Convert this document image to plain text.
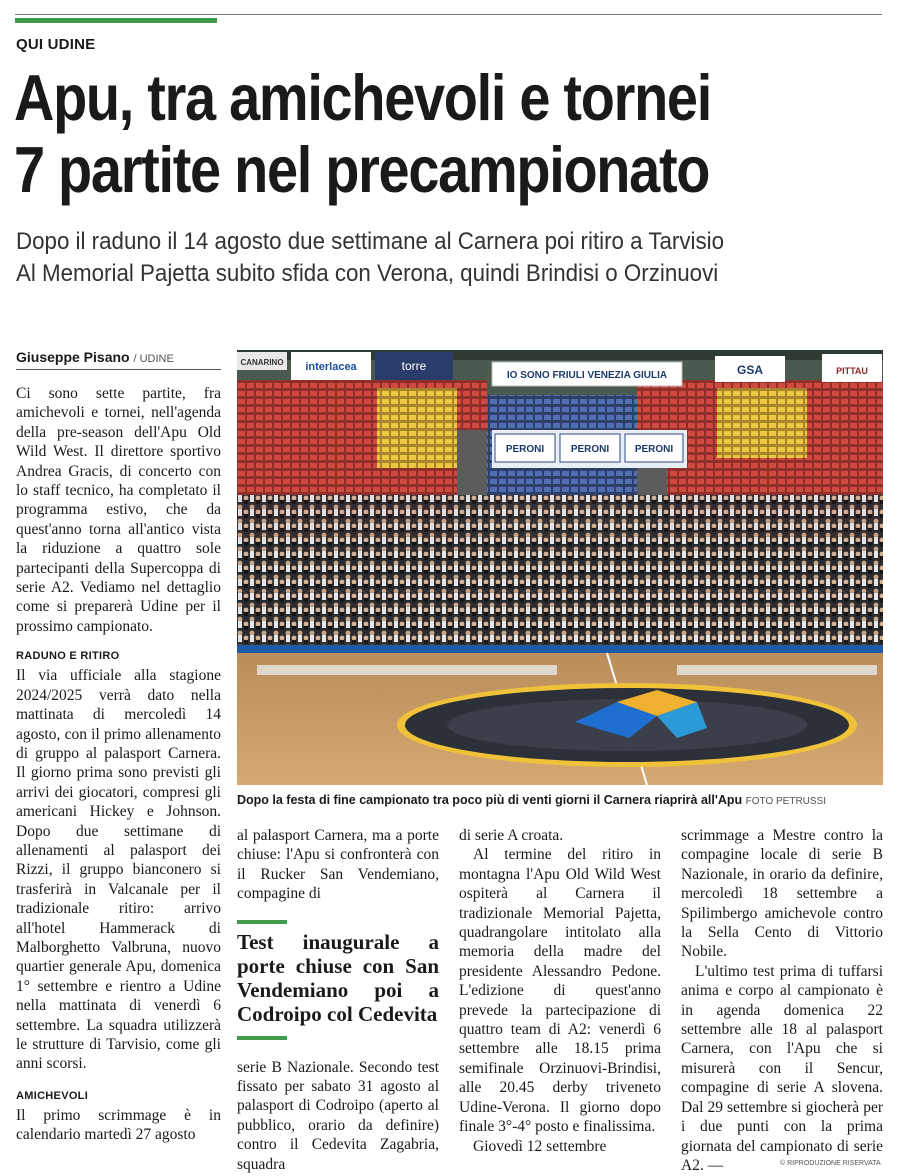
QUI UDINE
Apu, tra amichevoli e tornei
7 partite nel precampionato
Dopo il raduno il 14 agosto due settimane al Carnera poi ritiro a Tarvisio
Al Memorial Pajetta subito sfida con Verona, quindi Brindisi o Orzinuovi
Giuseppe Pisano / UDINE

Ci sono sette partite, fra amichevoli e tornei, nell'agenda della pre-season dell'Apu Old Wild West. Il direttore sportivo Andrea Gracis, di concerto con lo staff tecnico, ha completato il programma estivo, che da quest'anno torna all'antico vista la riduzione a quattro sole partecipanti della Supercoppa di serie A2. Vediamo nel dettaglio come si preparerà Udine per il prossimo campionato.

RADUNO E RITIRO

Il via ufficiale alla stagione 2024/2025 verrà dato nella mattinata di mercoledì 14 agosto, con il primo allenamento di gruppo al palasport Carnera. Il giorno prima sono previsti gli arrivi dei giocatori, compresi gli americani Hickey e Johnson. Dopo due settimane di allenamenti al palasport dei Rizzi, il gruppo bianconero si trasferirà in Valcanale per il tradizionale ritiro: arrivo all'hotel Hammerack di Malborghetto Valbruna, nuovo quartier generale Apu, domenica 1° settembre e rientro a Udine nella mattinata di venerdì 6 settembre. La squadra utilizzerà le strutture di Tarvisio, come gli anni scorsi.

AMICHEVOLI

Il primo scrimmage è in calendario martedì 27 agosto

CANARINO interlacea	torre
IO SONO FRIULI VENEZIA GIULIA	GSA	PITTAU
PERONI	PERONI	PERONI
Dopo la festa di fine campionato tra poco più di venti giorni il Carnera riaprirà all'Apu FOTO PETRUSSI

al palasport Carnera, ma a porte chiuse: l'Apu si confronterà con il Rucker San Vendemiano, compagine di

Test inaugurale a porte chiuse con San Vendemiano poi a Codroipo col Cedevita

serie B Nazionale. Secondo test fissato per sabato 31 agosto al palasport di Codroipo (aperto al pubblico, orario da definire) contro il Cedevita Zagabria, squadra

di serie A croata.

Al termine del ritiro in montagna l'Apu Old Wild West ospiterà al Carnera il tradizionale Memorial Pajetta, quadrangolare intitolato alla memoria della madre del presidente Alessandro Pedone. L'edizione di quest'anno prevede la partecipazione di quattro team di A2: venerdì 6 settembre alle 18.15 prima semifinale Orzinuovi-Brindisi, alle 20.45 derby triveneto Udine-Verona. Il giorno dopo finale 3°-4° posto e finalissima.

Giovedì 12 settembre

scrimmage a Mestre contro la compagine locale di serie B Nazionale, in orario da definire, mercoledì 18 settembre a Spilimbergo amichevole contro la Sella Cento di Vittorio Nobile.

L'ultimo test prima di tuffarsi anima e corpo al campionato è in agenda domenica 22 settembre alle 18 al palasport Carnera, con l'Apu che si misurerà con il Sencur, compagine di serie A slovena. Dal 29 settembre si giocherà per i due punti con la prima giornata del campionato di serie A2. —	© RIPRODUZIONE RISERVATA
